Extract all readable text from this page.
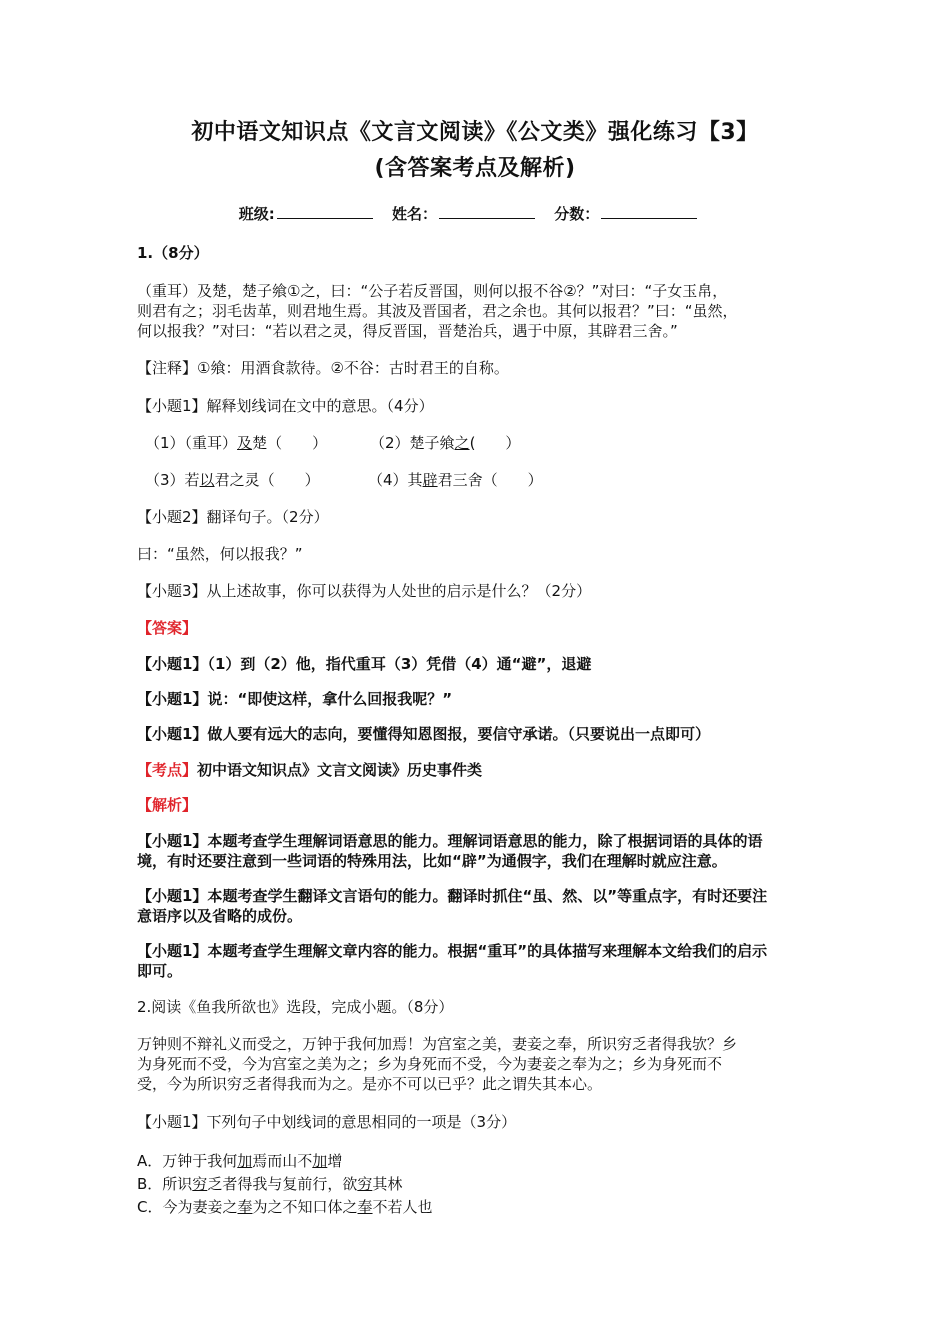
初中语文知识点《文言文阅读》《公文类》强化练习【3】
(含答案考点及解析)
班级:	姓名：	分数：
1.（8分）
（重耳）及楚，楚子飨①之，曰：“公子若反晋国，则何以报不谷②？”对曰：“子女玉帛，
则君有之；羽毛齿革，则君地生焉。其波及晋国者，君之余也。其何以报君？”曰：“虽然，
何以报我？”对曰：“若以君之灵，得反晋国，晋楚治兵，遇于中原，其辟君三舍。”
【注释】①飨：用酒食款待。②不谷：古时君王的自称。
【小题1】解释划线词在文中的意思。（4分）
（1）（重耳）及楚（　　）	（2）楚子飨之(　　）
（3）若以君之灵（　　）	（4）其辟君三舍（　　）
【小题2】翻译句子。（2分）
曰：“虽然，何以报我？”
【小题3】从上述故事，你可以获得为人处世的启示是什么？（2分）
【答案】
【小题1】（1）到（2）他，指代重耳（3）凭借（4）通“避”，退避
【小题1】说：“即使这样，拿什么回报我呢？”
【小题1】做人要有远大的志向，要懂得知恩图报，要信守承诺。（只要说出一点即可）
【考点】初中语文知识点》文言文阅读》历史事件类
【解析】
【小题1】本题考查学生理解词语意思的能力。理解词语意思的能力，除了根据词语的具体的语
境，有时还要注意到一些词语的特殊用法，比如“辟”为通假字，我们在理解时就应注意。
【小题1】本题考查学生翻译文言语句的能力。翻译时抓住“虽、然、以”等重点字，有时还要注
意语序以及省略的成份。
【小题1】本题考查学生理解文章内容的能力。根据“重耳”的具体描写来理解本文给我们的启示
即可。
2.阅读《鱼我所欲也》选段，完成小题。（8分）
万钟则不辩礼义而受之，万钟于我何加焉！为宫室之美，妻妾之奉，所识穷乏者得我欤？乡
为身死而不受，今为宫室之美为之；乡为身死而不受，今为妻妾之奉为之；乡为身死而不
受，今为所识穷乏者得我而为之。是亦不可以已乎？此之谓失其本心。
【小题1】下列句子中划线词的意思相同的一项是（3分）
A．万钟于我何加焉而山不加增
B．所识穷乏者得我与复前行，欲穷其林
C．今为妻妾之奉为之不知口体之奉不若人也
